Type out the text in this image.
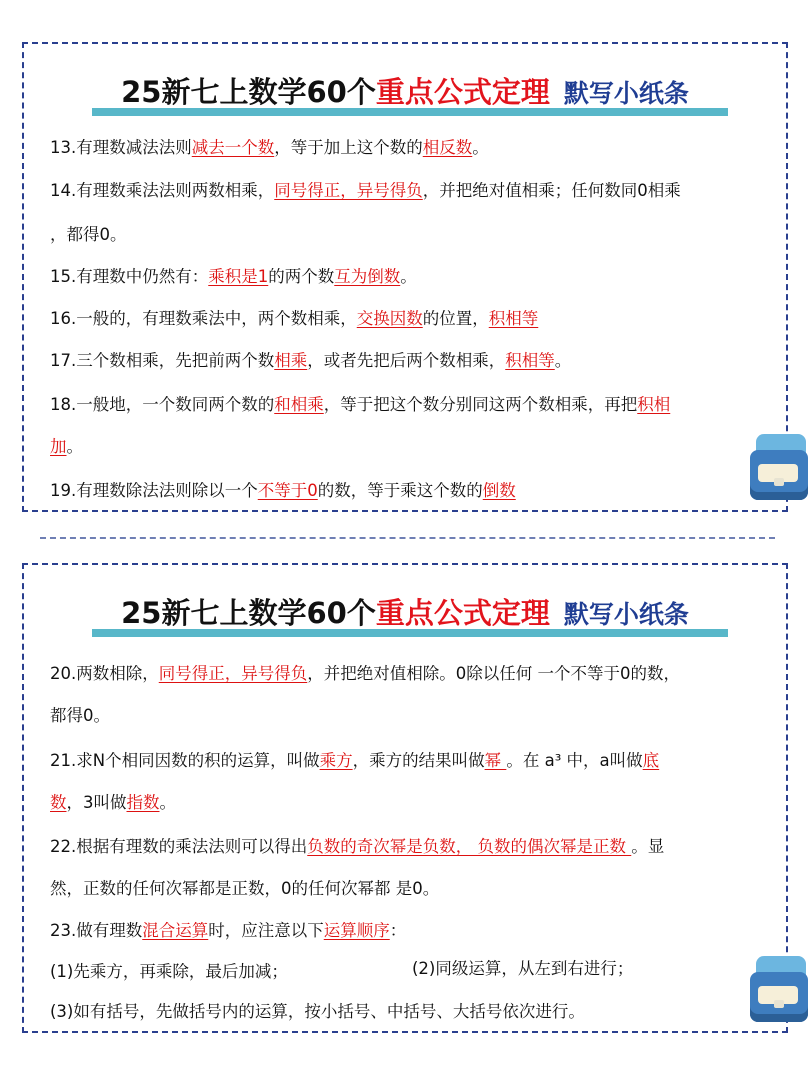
25新七上数学60个重点公式定理 默写小纸条
13.有理数减法法则减去一个数，等于加上这个数的相反数。
14.有理数乘法法则两数相乘，同号得正，异号得负，并把绝对值相乘；任何数同0相乘
，都得0。
15.有理数中仍然有：乘积是1的两个数互为倒数。
16.一般的，有理数乘法中，两个数相乘，交换因数的位置，积相等
17.三个数相乘，先把前两个数相乘，或者先把后两个数相乘，积相等。
18.一般地，一个数同两个数的和相乘，等于把这个数分别同这两个数相乘，再把积相
加。
19.有理数除法法则除以一个不等于0的数，等于乘这个数的倒数
25新七上数学60个重点公式定理 默写小纸条
20.两数相除，同号得正，异号得负，并把绝对值相除。0除以任何 一个不等于0的数，
都得0。
21.求N个相同因数的积的运算，叫做乘方，乘方的结果叫做幂 。在 a³ 中，a叫做底
数，3叫做指数。
22.根据有理数的乘法法则可以得出负数的奇次幂是负数， 负数的偶次幂是正数 。显
然，正数的任何次幂都是正数，0的任何次幂都 是0。
23.做有理数混合运算时，应注意以下运算顺序：
(1)先乘方，再乘除，最后加减；
(3)如有括号，先做括号内的运算，按小括号、中括号、大括号依次进行。
(2)同级运算，从左到右进行；
